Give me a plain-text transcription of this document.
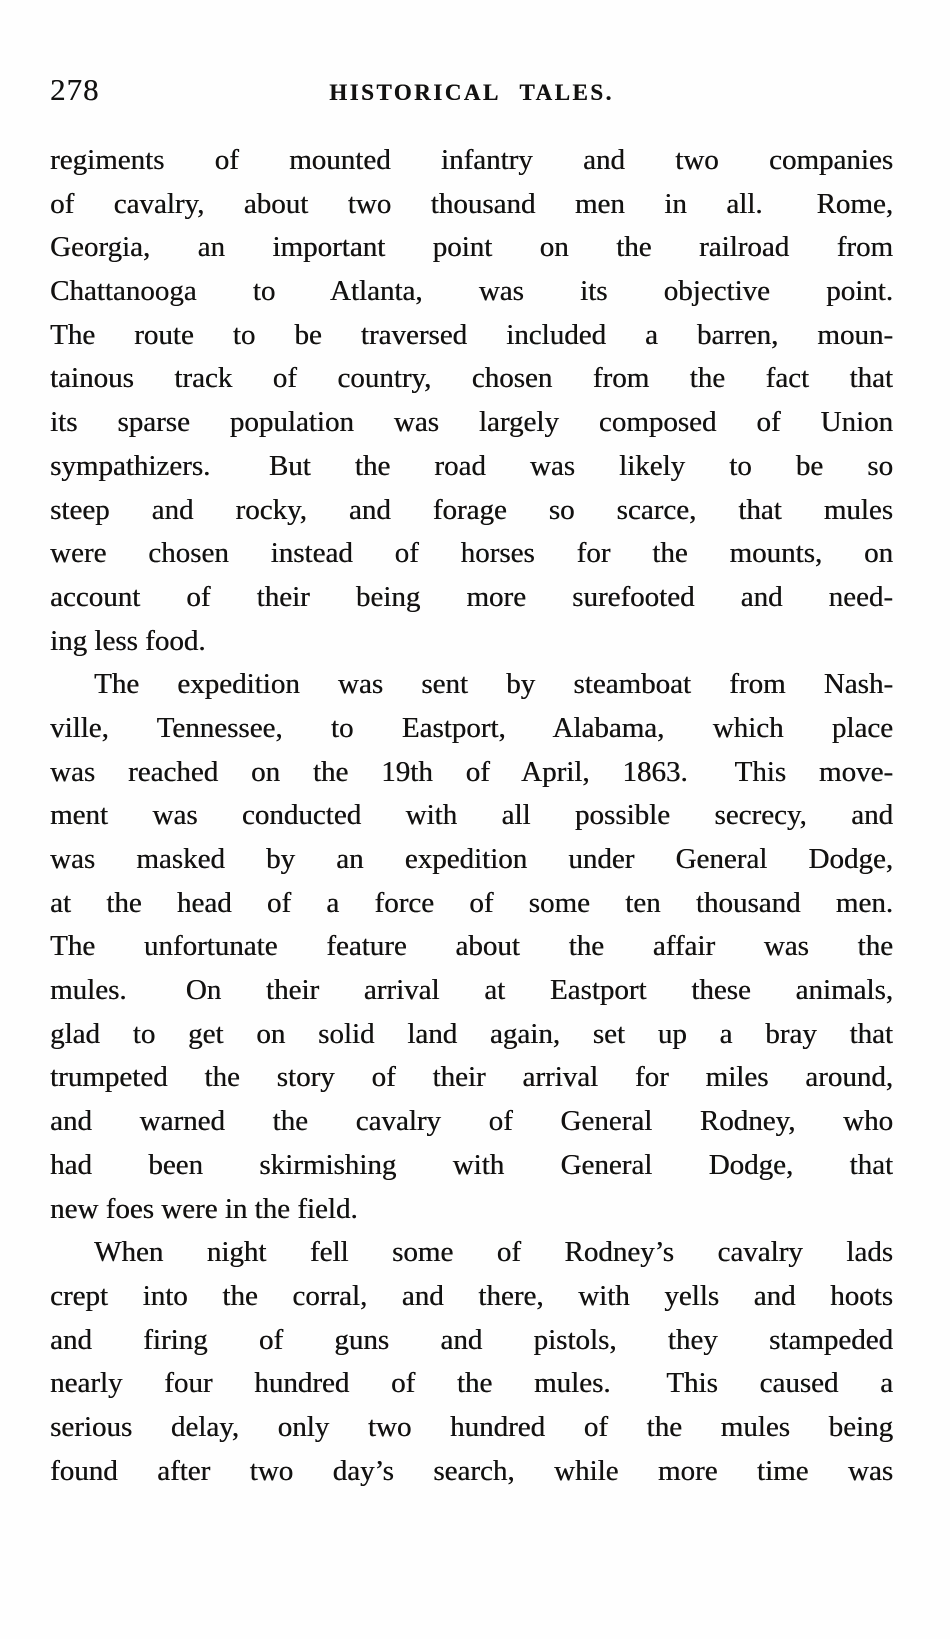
278	HISTORICAL TALES.
regiments of mounted infantry and two companies
of cavalry, about two thousand men in all.  Rome,
Georgia, an important point on the railroad from
Chattanooga to Atlanta, was its objective point.
The route to be traversed included a barren, moun-
tainous track of country, chosen from the fact that
its sparse population was largely composed of Union
sympathizers.  But the road was likely to be so
steep and rocky, and forage so scarce, that mules
were chosen instead of horses for the mounts, on
account of their being more surefooted and need-
ing less food.
The expedition was sent by steamboat from Nash-
ville, Tennessee, to Eastport, Alabama, which place
was reached on the 19th of April, 1863.  This move-
ment was conducted with all possible secrecy, and
was masked by an expedition under General Dodge,
at the head of a force of some ten thousand men.
The unfortunate feature about the affair was the
mules.  On their arrival at Eastport these animals,
glad to get on solid land again, set up a bray that
trumpeted the story of their arrival for miles around,
and warned the cavalry of General Rodney, who
had been skirmishing with General Dodge, that
new foes were in the field.
When night fell some of Rodney’s cavalry lads
crept into the corral, and there, with yells and hoots
and firing of guns and pistols, they stampeded
nearly four hundred of the mules.  This caused a
serious delay, only two hundred of the mules being
found after two day’s search, while more time was
